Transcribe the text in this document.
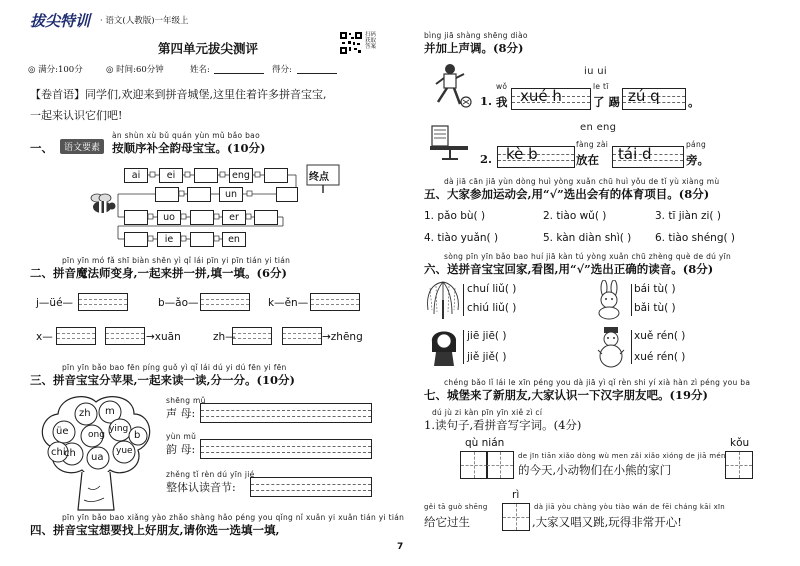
拔尖特训 · 语文(人教版)一年级上
第四单元拔尖测评
扫码获取答案
◎ 满分:100分	◎ 时间:60分钟	姓名:	得分:
【卷首语】同学们,欢迎来到拼音城堡,这里住着许多拼音宝宝,
一起来认识它们吧!
àn shùn xù bǔ quán yùn mǔ bǎo bao
一、	语文要素	按顺序补全韵母宝宝。(10分)
ai	ei	eng
un
uo	er
ie	en
终点
pīn yīn mó fǎ shī biàn shēn yì qǐ lái pīn yi pīn tián yi tián
二、拼音魔法师变身,一起来拼一拼,填一填。(6分)
j—üé—	b—ǎo—	k—ěn—
x—	→xuān	zh—	→zhēng
pīn yīn bǎo bao fēn píng guǒ yì qǐ lái dú yi dú fēn yi fēn
三、拼音宝宝分苹果,一起来读一读,分一分。(10分)
zh m
üe	ying
ch
ong
ua
yue
chi
b
shēng mǔ
声 母:
yùn mǔ
韵 母:
zhěng tǐ rèn dú yīn jié
整体认读音节:
pīn yīn bǎo bao xiǎng yào zhǎo shàng hǎo péng you qǐng nǐ xuǎn yi xuǎn tián yi tián
四、拼音宝宝想要找上好朋友,请你选一选填一填,
bìng jiā shàng shēng diào
并加上声调。(8分)
iu ui
1.
wǒ
我 xué h
le tī
了 踢 zú q 。
en eng
2. kè b
fàng zài
放在 tái d
páng
旁。
dà jiā cān jiā yùn dòng huì yòng xuǎn chū huì yǒu de tǐ yù xiàng mù
五、大家参加运动会,用“√”选出会有的体育项目。(8分)
1. pǎo bù( )	2. tiào wǔ( )	3. tī jiàn zi( )
4. tiào yuǎn( )	5. kàn diàn shì( ) 6. tiào shéng( )
sòng pīn yīn bǎo bao huí jiā kàn tú yòng xuǎn chū zhèng què de dú yīn
六、送拼音宝宝回家,看图,用“√”选出正确的读音。(8分)
chuí liǔ( )
chiú liǔ( )
bái tù( )
bǎi tù( )
jiē jiē( )
jiě jiě( )
xuě rén( )
xué rén( )
chéng bǎo lǐ lái le xīn péng you dà jiā yì qǐ rèn shi yí xià hàn zì péng you ba
七、城堡来了新朋友,大家认识一下汉字朋友吧。(19分)
dú jù zi kàn pīn yīn xiě zì cí
1.读句子,看拼音写字词。(4分)
qù nián
de jīn tiān xiǎo dòng wù men zǎi xiǎo xióng de jiā mén
的今天,小动物们在小熊的家门
kǒu
rì
gěi tā guò shēng
给它过生
dà jiā yòu chàng yòu tiào wán de fēi cháng kāi xīn
,大家又唱又跳,玩得非常开心!
7
